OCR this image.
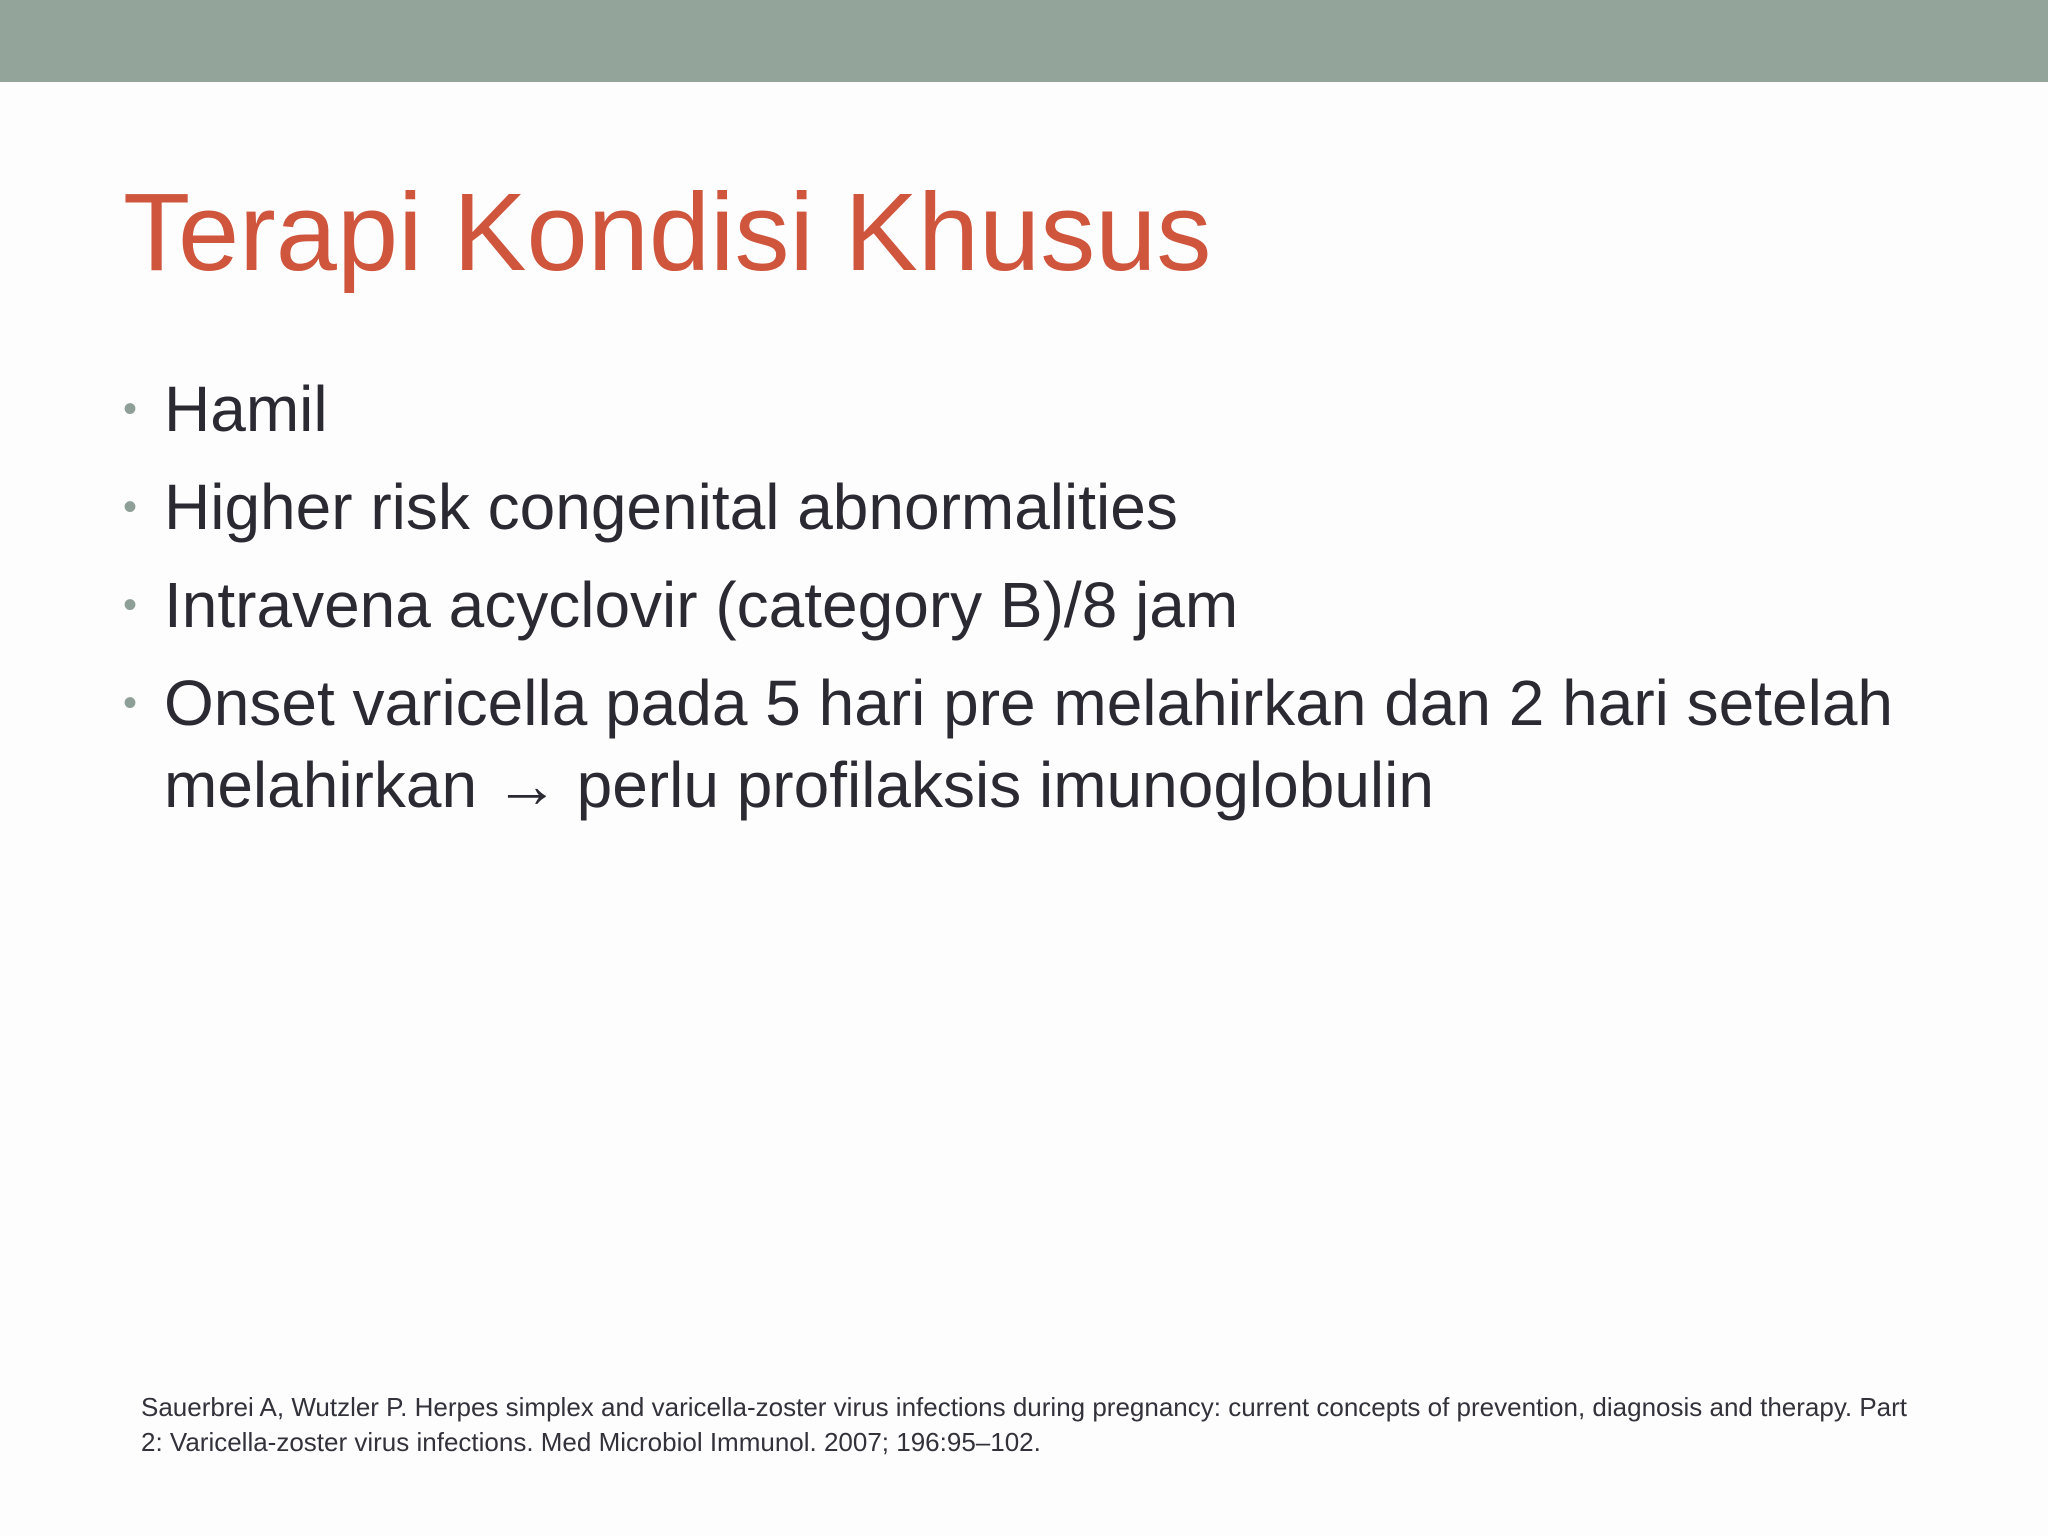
Terapi Kondisi Khusus
• Hamil
• Higher risk congenital abnormalities
• Intravena acyclovir (category B)/8 jam
• Onset varicella pada 5 hari pre melahirkan dan 2 hari setelah melahirkan → perlu profilaksis imunoglobulin

Sauerbrei A, Wutzler P. Herpes simplex and varicella-zoster virus infections during pregnancy: current concepts of prevention, diagnosis and therapy. Part 2: Varicella-zoster virus infections. Med Microbiol Immunol. 2007; 196:95–102.
